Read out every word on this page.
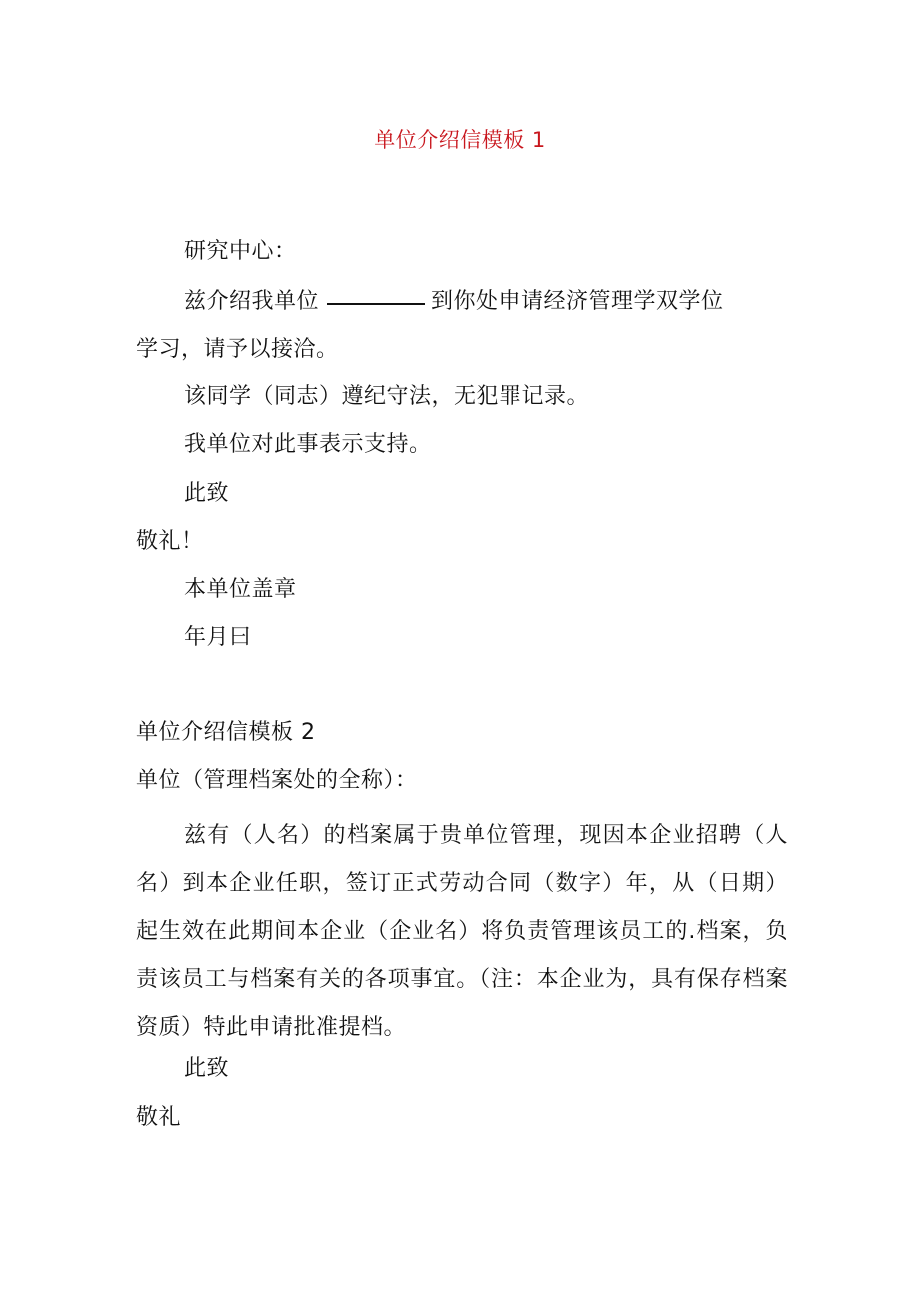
单位介绍信模板 1
研究中心：
兹介绍我单位	到你处申请经济管理学双学位
学习，请予以接洽。
该同学（同志）遵纪守法，无犯罪记录。
我单位对此事表示支持。
此致
敬礼！
本单位盖章
年月曰
单位介绍信模板 2
单位（管理档案处的全称）：
兹有（人名）的档案属于贵单位管理，现因本企业招聘（人名）到本企业任职，签订正式劳动合同（数字）年，从（日期）起生效在此期间本企业（企业名）将负责管理该员工的.档案，负责该员工与档案有关的各项事宜。（注：本企业为，具有保存档案资质）特此申请批准提档。
此致
敬礼
